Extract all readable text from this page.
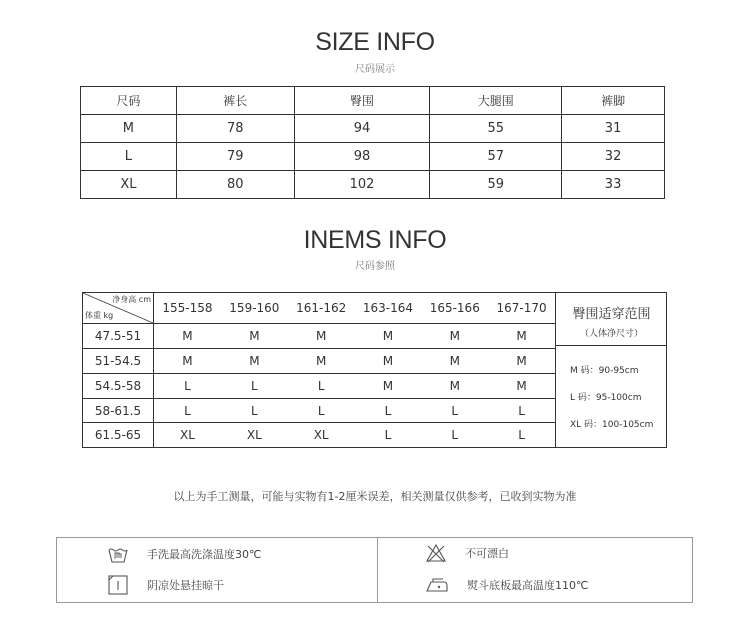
SIZE INFO
尺码展示
尺码	裤长	臀围	大腿围	裤脚
M	78	94	55	31
L	79	98	57	32
XL	80	102	59	33
INEMS INFO
尺码参照
净身高 cm
体重 kg	155-158	159-160	161-162	163-164	165-166	167-170
47.5-51	M	M	M	M	M	M
51-54.5	M	M	M	M	M	M
54.5-58	L	L	L	M	M	M
58-61.5	L	L	L	L	L	L
61.5-65	XL	XL	XL	L	L	L
臀围适穿范围
（人体净尺寸）
M 码：90-95cm
L 码：95-100cm
XL 码：100-105cm
以上为手工测量，可能与实物有1-2厘米误差，相关测量仅供参考，已收到实物为准
手洗最高洗涤温度30℃	不可漂白
阴凉处悬挂晾干	熨斗底板最高温度110℃
